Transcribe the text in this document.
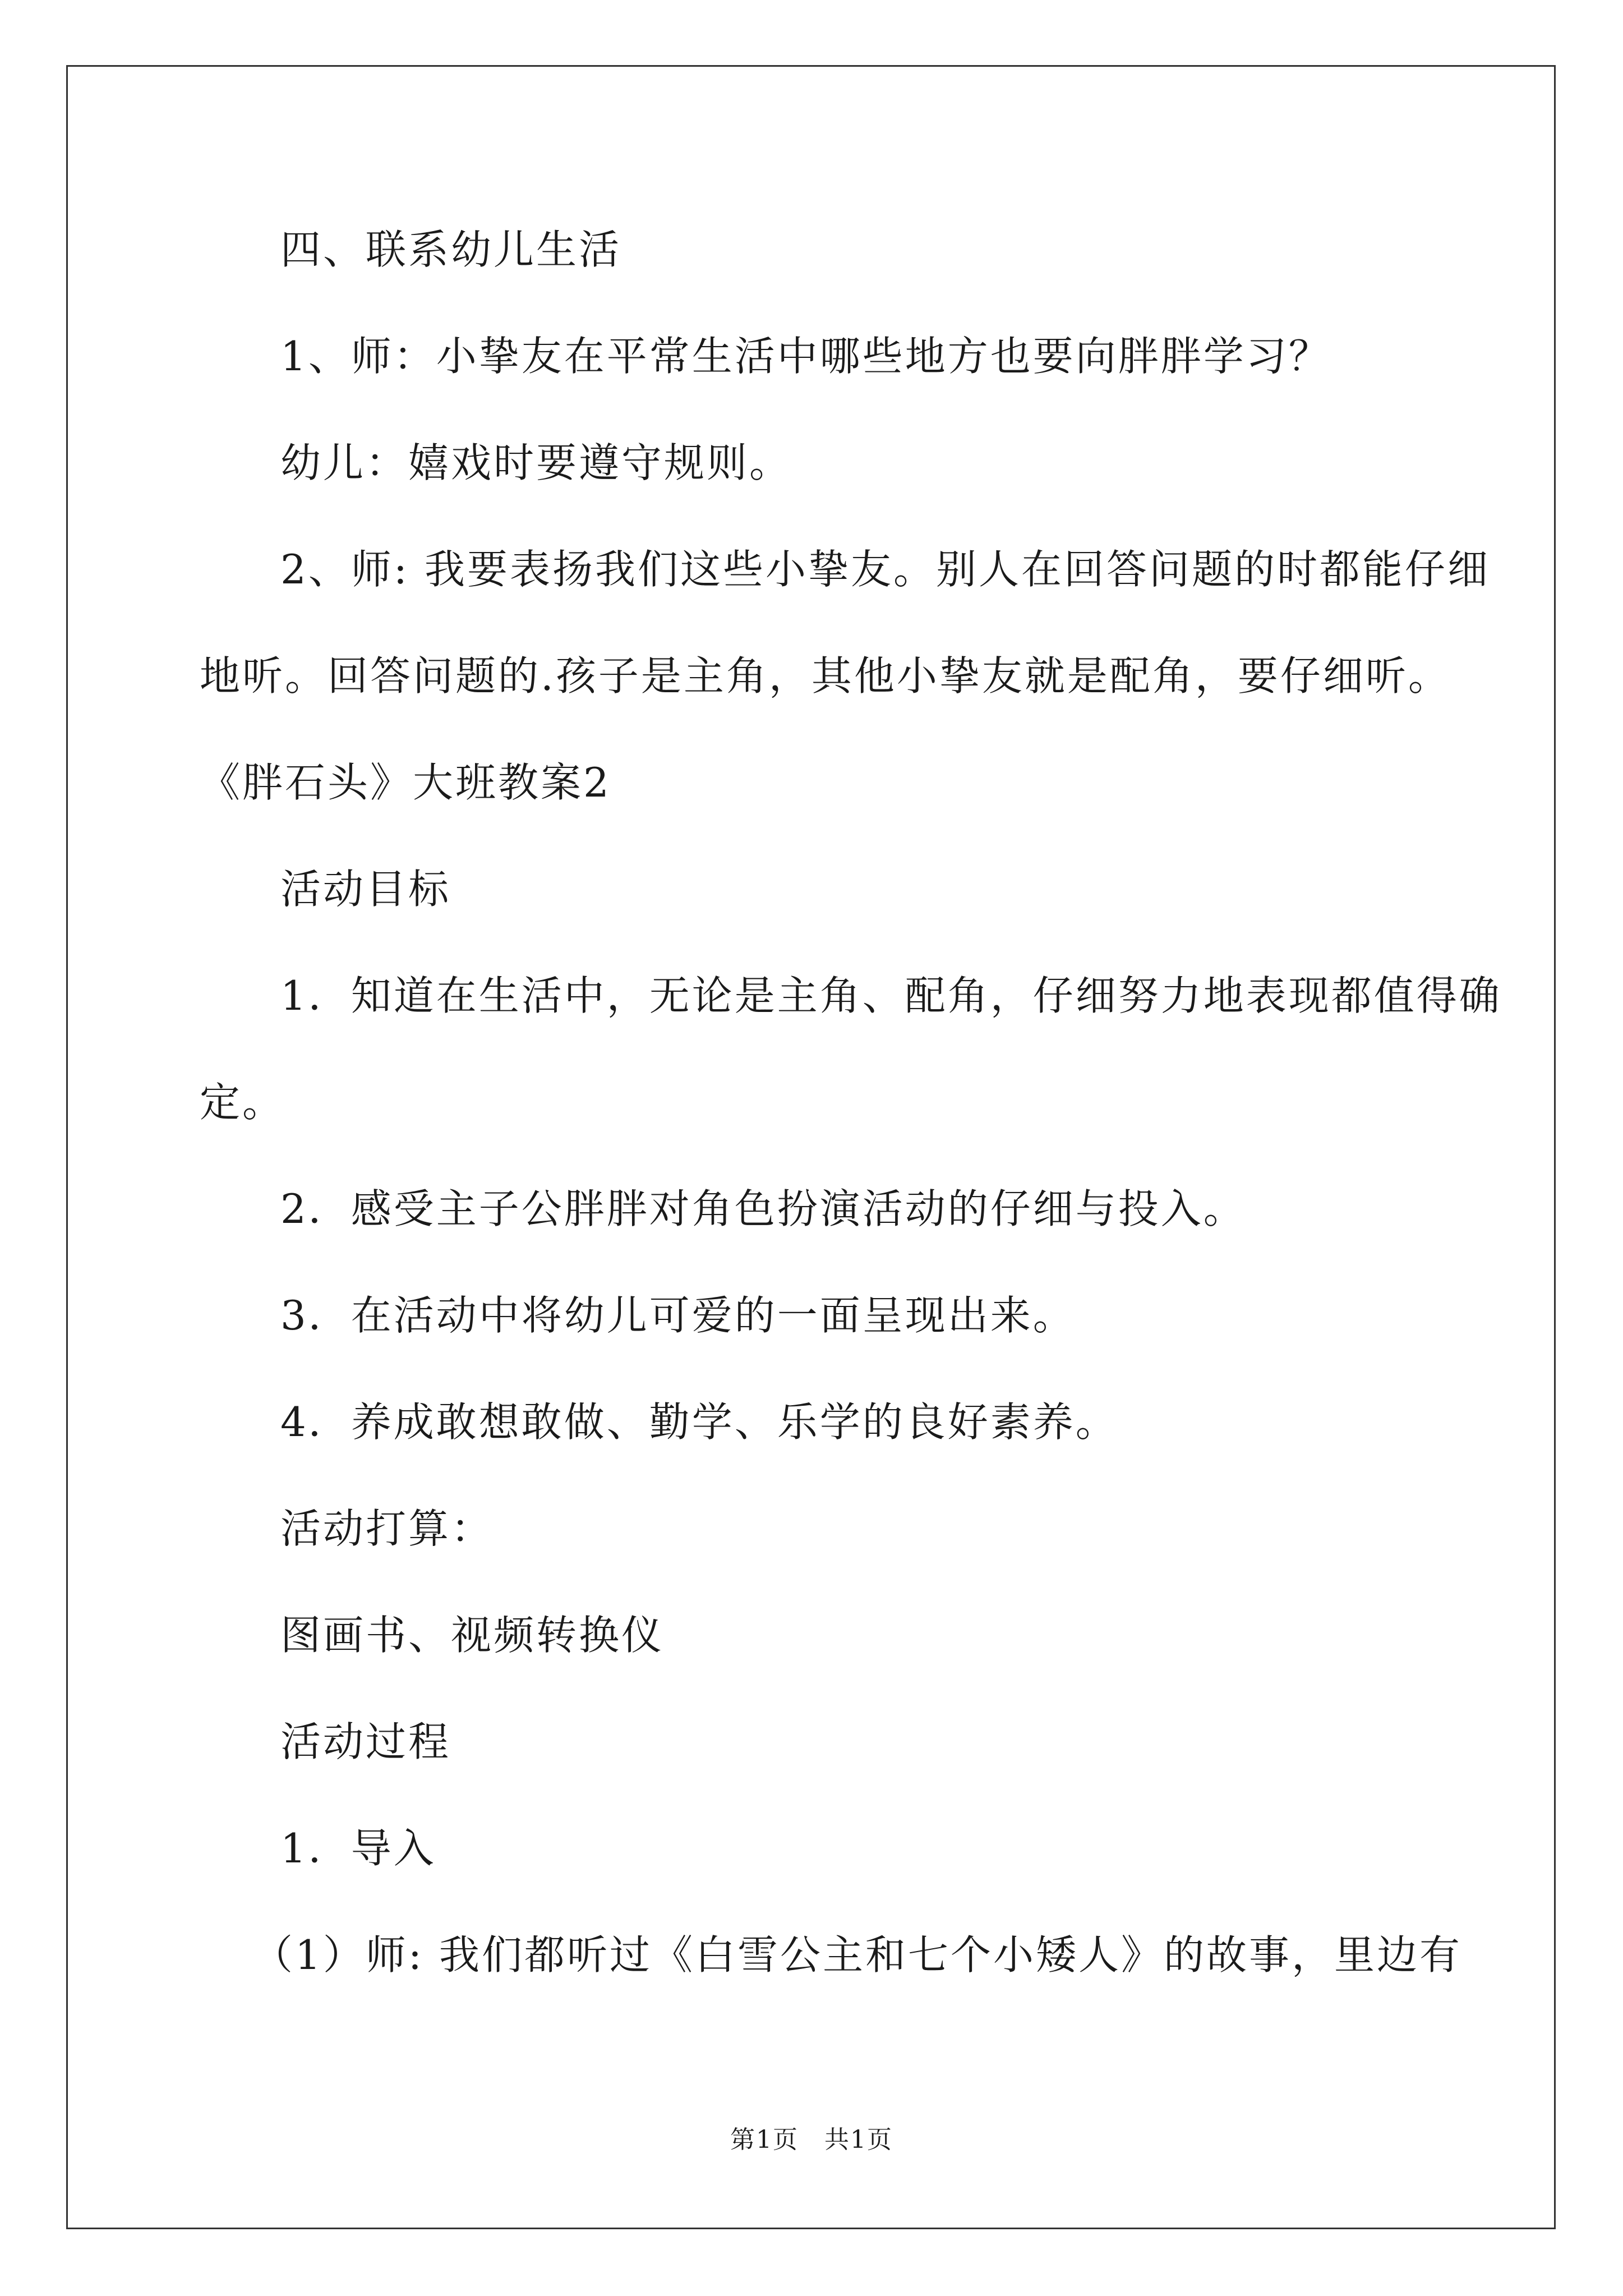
四、联系幼儿生活
1、师：小挚友在平常生活中哪些地方也要向胖胖学习？
幼儿：嬉戏时要遵守规则。
2、师: 我要表扬我们这些小挚友。别人在回答问题的时都能仔细
地听。回答问题的.孩子是主角，其他小挚友就是配角，要仔细听。
《胖石头》大班教案2
活动目标
1．知道在生活中，无论是主角、配角，仔细努力地表现都值得确
定。
2．感受主子公胖胖对角色扮演活动的仔细与投入。
3．在活动中将幼儿可爱的一面呈现出来。
4．养成敢想敢做、勤学、乐学的良好素养。
活动打算：
图画书、视频转换仪
活动过程
1．导入
（1）师: 我们都听过《白雪公主和七个小矮人》的故事，里边有
第1页　共1页
